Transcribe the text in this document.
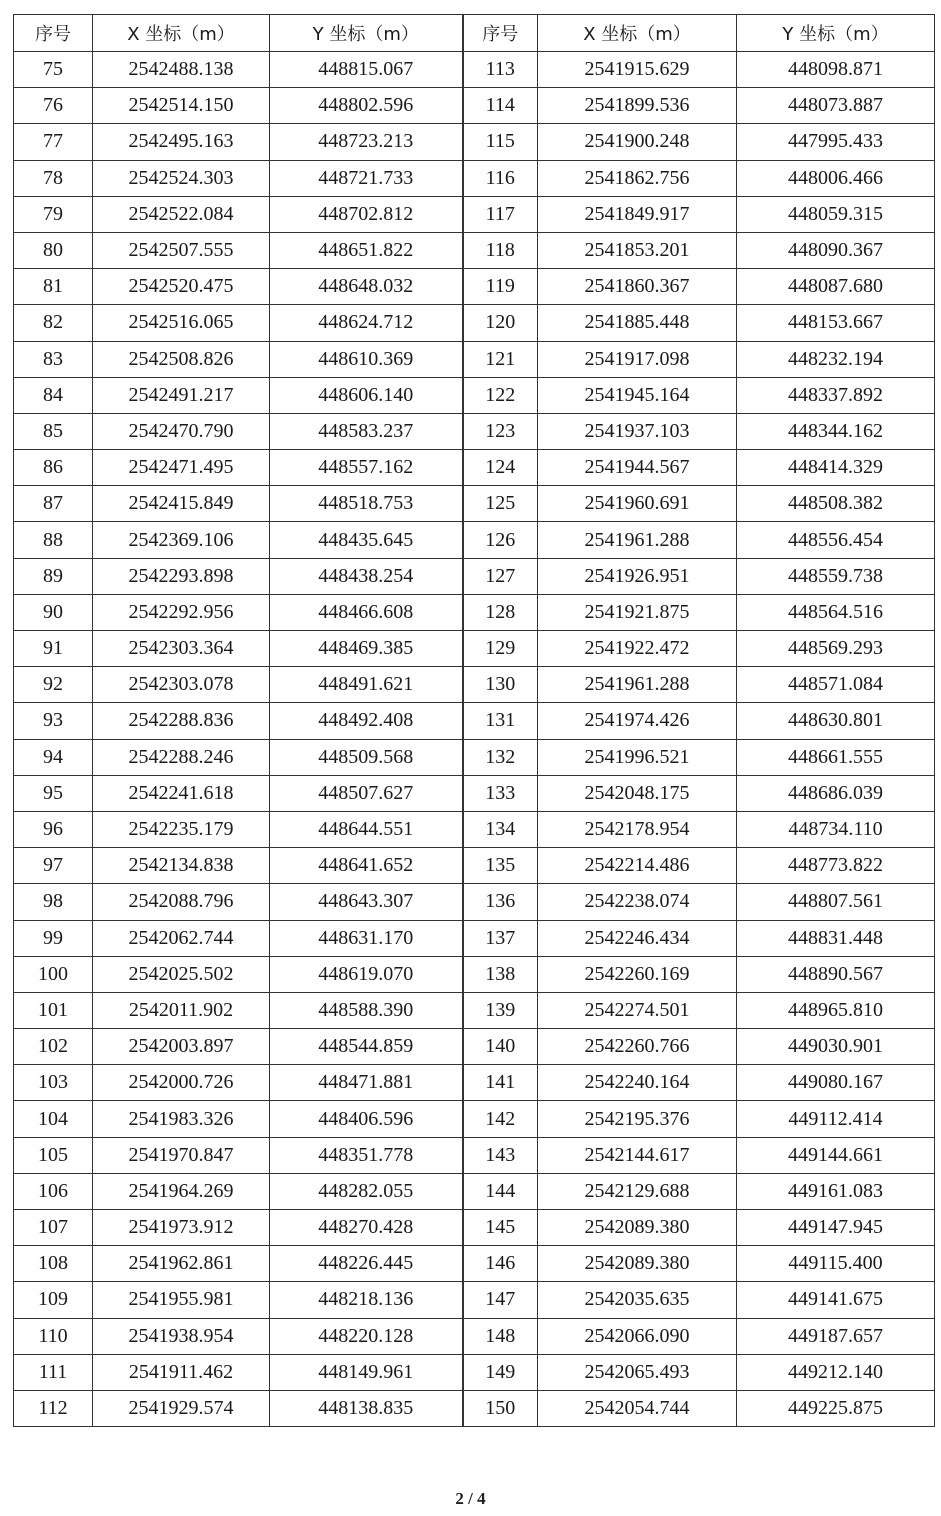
序号	X 坐标（m）	Y 坐标（m）	序号	X 坐标（m）	Y 坐标（m）
75	2542488.138	448815.067	113	2541915.629	448098.871
76	2542514.150	448802.596	114	2541899.536	448073.887
77	2542495.163	448723.213	115	2541900.248	447995.433
78	2542524.303	448721.733	116	2541862.756	448006.466
79	2542522.084	448702.812	117	2541849.917	448059.315
80	2542507.555	448651.822	118	2541853.201	448090.367
81	2542520.475	448648.032	119	2541860.367	448087.680
82	2542516.065	448624.712	120	2541885.448	448153.667
83	2542508.826	448610.369	121	2541917.098	448232.194
84	2542491.217	448606.140	122	2541945.164	448337.892
85	2542470.790	448583.237	123	2541937.103	448344.162
86	2542471.495	448557.162	124	2541944.567	448414.329
87	2542415.849	448518.753	125	2541960.691	448508.382
88	2542369.106	448435.645	126	2541961.288	448556.454
89	2542293.898	448438.254	127	2541926.951	448559.738
90	2542292.956	448466.608	128	2541921.875	448564.516
91	2542303.364	448469.385	129	2541922.472	448569.293
92	2542303.078	448491.621	130	2541961.288	448571.084
93	2542288.836	448492.408	131	2541974.426	448630.801
94	2542288.246	448509.568	132	2541996.521	448661.555
95	2542241.618	448507.627	133	2542048.175	448686.039
96	2542235.179	448644.551	134	2542178.954	448734.110
97	2542134.838	448641.652	135	2542214.486	448773.822
98	2542088.796	448643.307	136	2542238.074	448807.561
99	2542062.744	448631.170	137	2542246.434	448831.448
100	2542025.502	448619.070	138	2542260.169	448890.567
101	2542011.902	448588.390	139	2542274.501	448965.810
102	2542003.897	448544.859	140	2542260.766	449030.901
103	2542000.726	448471.881	141	2542240.164	449080.167
104	2541983.326	448406.596	142	2542195.376	449112.414
105	2541970.847	448351.778	143	2542144.617	449144.661
106	2541964.269	448282.055	144	2542129.688	449161.083
107	2541973.912	448270.428	145	2542089.380	449147.945
108	2541962.861	448226.445	146	2542089.380	449115.400
109	2541955.981	448218.136	147	2542035.635	449141.675
110	2541938.954	448220.128	148	2542066.090	449187.657
111	2541911.462	448149.961	149	2542065.493	449212.140
112	2541929.574	448138.835	150	2542054.744	449225.875
2 / 4
